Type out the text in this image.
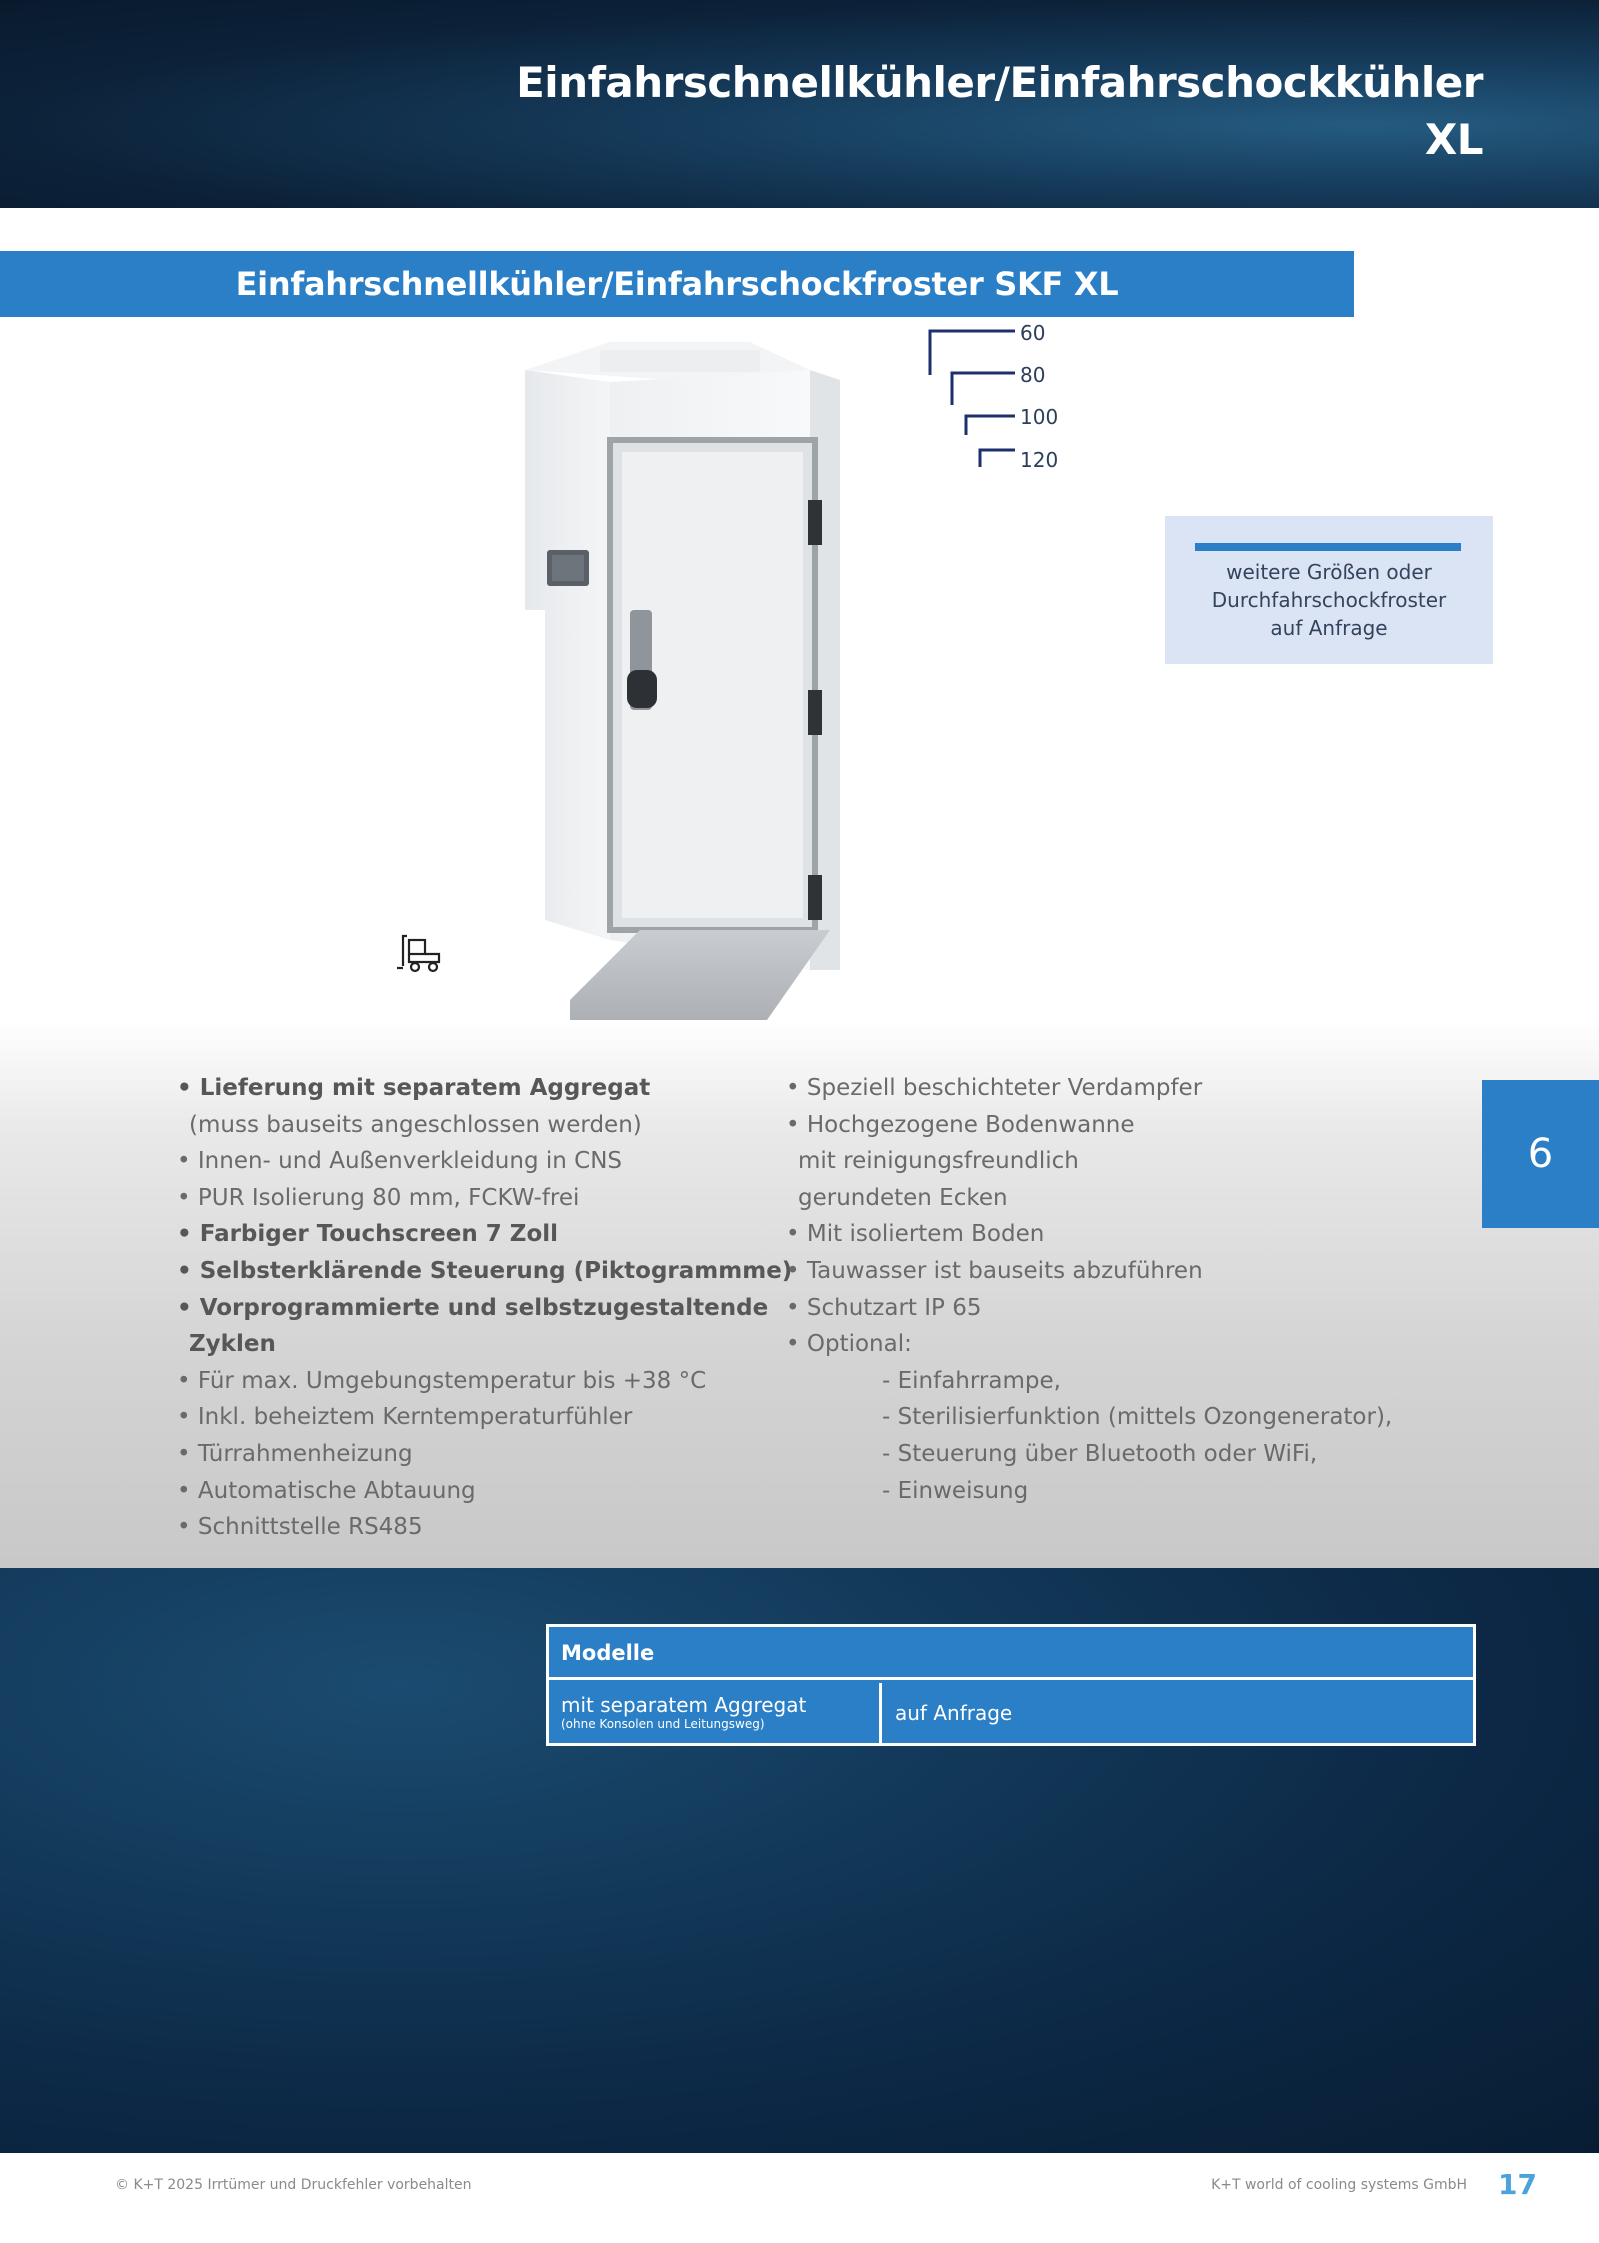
Einfahrschnellkühler/Einfahrschockkühler
XL
Einfahrschnellkühler/Einfahrschockfroster SKF XL
60
80
100
120
weitere Größen oder
Durchfahrschockfroster
auf Anfrage
• Lieferung mit separatem Aggregat
(muss bauseits angeschlossen werden)
• Innen- und Außenverkleidung in CNS
• PUR Isolierung 80 mm, FCKW-frei
• Farbiger Touchscreen 7 Zoll
• Selbsterklärende Steuerung (Piktogrammme)
• Vorprogrammierte und selbstzugestaltende
Zyklen
• Für max. Umgebungstemperatur bis +38 °C
• Inkl. beheiztem Kerntemperaturfühler
• Türrahmenheizung
• Automatische Abtauung
• Schnittstelle RS485
• Speziell beschichteter Verdampfer
• Hochgezogene Bodenwanne
mit reinigungsfreundlich
gerundeten Ecken
• Mit isoliertem Boden
• Tauwasser ist bauseits abzuführen
• Schutzart IP 65
• Optional:
- Einfahrrampe,
- Sterilisierfunktion (mittels Ozongenerator),
- Steuerung über Bluetooth oder WiFi,
- Einweisung
6
Modelle
mit separatem Aggregat
(ohne Konsolen und Leitungsweg)	auf Anfrage
© K+T 2025 Irrtümer und Druckfehler vorbehalten	K+T world of cooling systems GmbH 17
